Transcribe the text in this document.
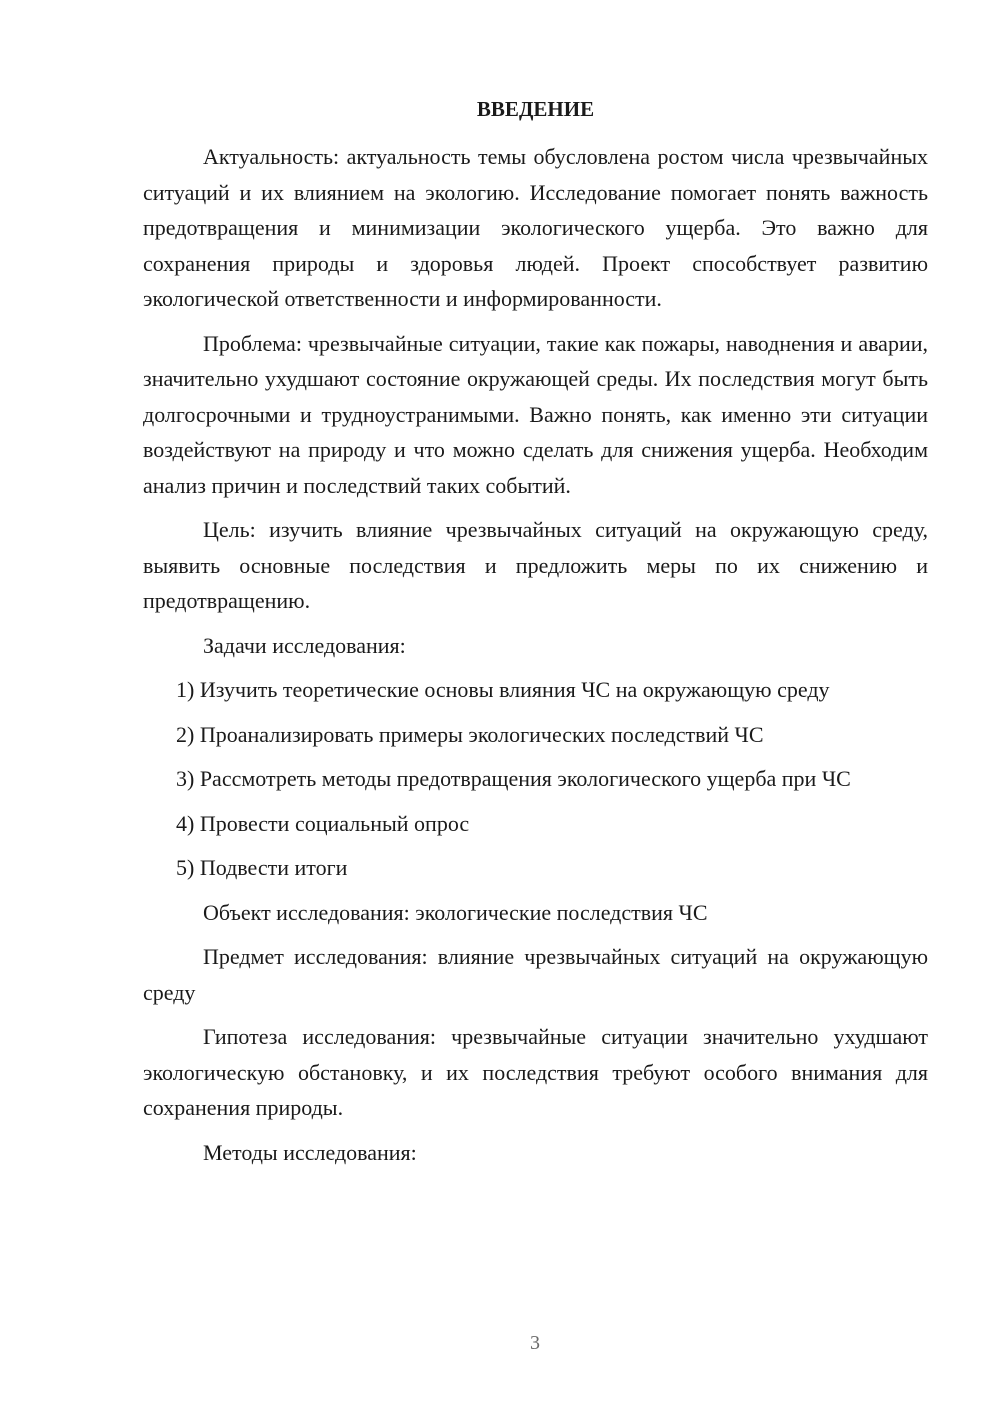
ВВЕДЕНИЕ

Актуальность: актуальность темы обусловлена ростом числа чрезвычайных ситуаций и их влиянием на экологию. Исследование помогает понять важность предотвращения и минимизации экологического ущерба. Это важно для сохранения природы и здоровья людей. Проект способствует развитию экологической ответственности и информированности.

Проблема: чрезвычайные ситуации, такие как пожары, наводнения и аварии, значительно ухудшают состояние окружающей среды. Их последствия могут быть долгосрочными и трудноустранимыми. Важно понять, как именно эти ситуации воздействуют на природу и что можно сделать для снижения ущерба. Необходим анализ причин и последствий таких событий.

Цель: изучить влияние чрезвычайных ситуаций на окружающую среду, выявить основные последствия и предложить меры по их снижению и предотвращению.

Задачи исследования:

1) Изучить теоретические основы влияния ЧС на окружающую среду

2) Проанализировать примеры экологических последствий ЧС

3) Рассмотреть методы предотвращения экологического ущерба при ЧС

4) Провести социальный опрос

5) Подвести итоги

Объект исследования: экологические последствия ЧС

Предмет исследования: влияние чрезвычайных ситуаций на окружающую среду

Гипотеза исследования: чрезвычайные ситуации значительно ухудшают экологическую обстановку, и их последствия требуют особого внимания для сохранения природы.

Методы исследования:

3
